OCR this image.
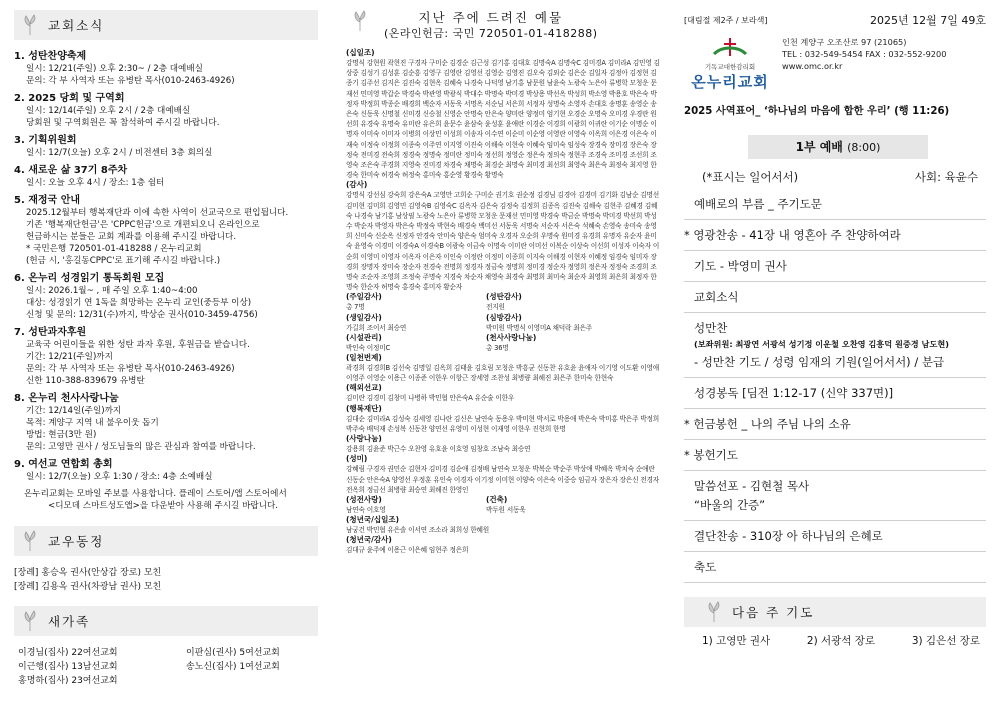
교회소식
1. 성탄찬양축제
일시: 12/21(주일) 오후 2:30~ / 2층 대예배실
문의: 각 부 사역자 또는 유병탄 목사(010-2463-4926)
2. 2025 당회 및 구역회
일시: 12/14(주일) 오후 2시 / 2층 대예배실
당회원 및 구역회원은 꼭 참석하여 주시길 바랍니다.
3. 기획위원회
일시: 12/7(오늘) 오후 2시 / 비전센터 3층 회의실
4. 새로운 삶 37기 8주차
일시: 오늘 오후 4시 / 장소: 1층 쉼터
5. 재정국 안내
2025.12월부터 행복재단과 이에 속한 사역이 선교국으로 편입됩니다.
기존 '행복재단헌금'은 'CPPC헌금'으로 개편되오니 온라인으로
헌금하시는 분들은 교회 계좌를 이용해 주시길 바랍니다.
* 국민은행 720501-01-418288 / 온누리교회
(헌금 시, '홍길동CPPC'로 표기해 주시길 바랍니다.)
6. 온누리 성경읽기 통독회원 모집
일시: 2026.1월~ , 매 주일 오후 1:40~4:00
대상: 성경읽기 연 1독을 희망하는 온누리 교인(중등부 이상)
신청 및 문의: 12/31(수)까지, 박상순 권사(010-3459-4756)
7. 성탄과자후원
교육국 어린이들을 위한 성탄 과자 후원, 후원금을 받습니다.
기간: 12/21(주일)까지
문의: 각 부 사역자 또는 유병탄 목사(010-2463-4926)
신한 110-388-839679 유병탄
8. 온누리 천사사랑나눔
기간: 12/14일(주일)까지
목적: 계양구 지역 내 불우이웃 돕기
방법: 현금(3만 원)
문의: 고영만 권사 / 성도님들의 많은 관심과 참여를 바랍니다.
9. 여선교 연합회 총회
일시: 12/7(오늘) 오후 1:30 / 장소: 4층 소예배실
온누리교회는 모바일 주보를 사용합니다. 플레이 스토어/앱 스토어에서
<디모데 스마트성도앱>을 다운받아 사용해 주시길 바랍니다.
교우동정
[장례] 홍승옥 권사(안상갑 장로) 모친
[장례] 김용옥 권사(차광남 권사) 모친
새가족
이경님(집사) 22여선교회	이판심(권사) 5여선교회
이근행(집사) 13남선교회	송노신(집사) 1여선교회
홍명하(집사) 23여선교회
지난 주에 드려진 예물
(온라인헌금: 국민 720501-01-418288)
(십일조)
강명식 강현원 곽현진 구경자 구미순 김경순 김근성 김기홍 김대호 김명숙A 김명숙C 김미경A 김미라A 김민영 김상중 김성기 김성훈 김순흥 김영구 김영란 김영선 김영순 김영진 김오숙 김외순 김은순 김일자 김정아 김정현 김종기 김주선 김지은 김진숙 김현옥 김혜숙 나경숙 나덕영 남기홍 남문원 남윤숙 노광숙 노은아 류병학 모청운 문재선 민미영 박갑순 박경숙 박관영 박광식 박대수 박명숙 박미경 박상용 박선옥 박성희 박소영 박용호 박은숙 박정자 박정희 박종순 배경희 백순자 서동욱 서명옥 서순님 서은희 서정자 성명숙 소영자 손대호 송명훈 송영순 송은숙 신동욱 신명철 신미경 신승철 신영순 안명숙 안은숙 양미란 양정미 엄기현 오경순 오명숙 오미경 우경란 원선희 유경숙 유명숙 유미란 유은희 윤문수 윤삼숙 윤성훈 윤애란 이경순 이경희 이광희 이귀란 이기순 이명순 이명자 이미숙 이미자 이병희 이상민 이성희 이송자 이수연 이순미 이순영 이영란 이영숙 이옥희 이은경 이은숙 이재숙 이정숙 이정희 이종숙 이주연 이지영 이진숙 이해숙 이현숙 이혜숙 임미숙 임성숙 장경숙 장미경 장은숙 장정숙 전미경 전숙희 정경숙 정명숙 정미란 정미숙 정선희 정영순 정은숙 정의숙 정현주 조경숙 조미경 조선희 조영숙 조은숙 주경희 지영숙 진미경 차경숙 채명숙 최경순 최명숙 최미경 최선희 최영숙 최은숙 최정숙 최지영 한경숙 한미숙 허경숙 허정숙 홍미숙 홍순영 황경숙 황명숙
(감사)
강명식 강선심 강숙희 강은숙A 고영만 고희순 구미순 권기호 권순정 김경님 김경아 김경미 김기화 김남순 김명선 김미현 김미희 김영민 김영숙B 김영숙C 김옥자 김은숙 김정숙 김정희 김종옥 김진숙 김해숙 김현주 김혜경 김혜숙 나경숙 남기홍 남상필 노광숙 노은아 류병학 모청운 문재선 민미영 박경숙 박금순 박명숙 박미경 박선희 박성수 박순자 박영자 박은숙 박정숙 박현숙 배경숙 백미선 서동욱 서명숙 서순자 서은숙 석혜숙 손영숙 송미숙 송영희 신미숙 신순옥 신정자 안경숙 안미숙 양은숙 엄미숙 오경자 오순희 우명숙 원미경 유경희 유명자 유순자 윤미숙 윤영숙 이경미 이경숙A 이경숙B 이광숙 이금숙 이명숙 이미란 이미선 이복순 이상숙 이선희 이성자 이숙자 이순희 이영미 이영자 이옥자 이은자 이인숙 이정란 이정미 이종희 이지숙 이해경 이현자 이혜정 임경숙 임미자 장경희 장명자 장미숙 장순자 전경숙 전명희 정경자 정금숙 정명희 정미경 정순자 정영희 정은자 정정숙 조경희 조명숙 조순자 조영희 조정숙 주명숙 지경숙 차순자 채영숙 최경숙 최명희 최미숙 최순자 최영희 최은희 최정자 한명숙 한순자 허명숙 홍경숙 홍미자 황순자
(주일감사)
총 7명
(성탄감사)
전지원
(생일감사)
가길희 조이서 최승연
(심방감사)
박미원 박명식 이영미A 채덕락 최은주
(시설관리)
박인숙 이정미C
(천사사랑나눔)
총 36명
(일천번제)
곽경희 김경희B 김선숙 김명일 김옥희 김태윤 김호림 모청운 박흥균 신동찬 유호윤 윤애자 이기영 이도환 이영애 이영주 이영순 이용근 이종준 이한우 이항근 장세영 조찬성 최병량 최해진 최은주 한미숙 한현숙
(해외선교)
김미란 김경미 김창미 나병하 박민협 안은숙A 유순술 이한우
(행복재단)
김대순 김미라A 김성숙 김세영 김나란 김신은 남연숙 동용우 박미현 박서로 박용애 박은숙 박미홍 박은주 박정희 박주숙 배덕재 손성복 신동찬 양연선 유영미 이성현 이재영 이한우 진현희 한명
(사랑나눔)
강용희 김윤준 박근수 오찬영 유호윤 이호영 임창호 조남숙 최승연
(성미)
강혜림 구경자 권민순 김현자 김미경 김순애 김정배 남연숙 모청운 박복순 박순주 박상애 박혜옥 박치숙 순애란 신동순 안은숙A 양영선 우정훈 유인숙 이경자 이기정 이미현 이양숙 이은숙 이중승 임금자 장은자 장은신 전경자 전옥희 정금선 최병량 최승연 최해진 한영인
(성전사랑)
남연숙 이호영
(건축)
박두원 서동욱
(청년국/십일조)
남궁건 박민협 유은솔 이서연 조소라 최희성 한혜원
(청년국/감사)
김대규 윤주예 이용근 이은혜 임현주 정은희
[대림절 제2주 / 보라색]	2025년 12월 7일 49호
기독교대한감리회
온누리교회
인천 계양구 오조산로 97 (21065)
TEL : 032-549-5454 FAX : 032-552-9200
www.omc.or.kr
2025 사역표어_ ‘하나님의 마음에 합한 우리’ (행 11:26)
1부 예배 (8:00)
(*표시는 일어서서)	사회: 육윤수
예배로의 부름 _ 주기도문
* 영광찬송 - 41장 내 영혼아 주 찬양하여라
기도 - 박영미 권사
교회소식
성만찬
(보좌위원: 최광연 서광석 성기정 이운철 오찬영 김흥덕 원중경 남도현)
- 성만찬 기도 / 성령 임재의 기원(일어서서) / 분급
성경봉독 [딤전 1:12-17 (신약 337면)]
* 헌금봉헌 _ 나의 주님 나의 소유
* 봉헌기도
말씀선포 - 김현철 목사
“바울의 간증”
결단찬송 - 310장 아 하나님의 은혜로
축도
다음 주 기도
1) 고영만 권사	2) 서광석 장로	3) 김은선 장로
